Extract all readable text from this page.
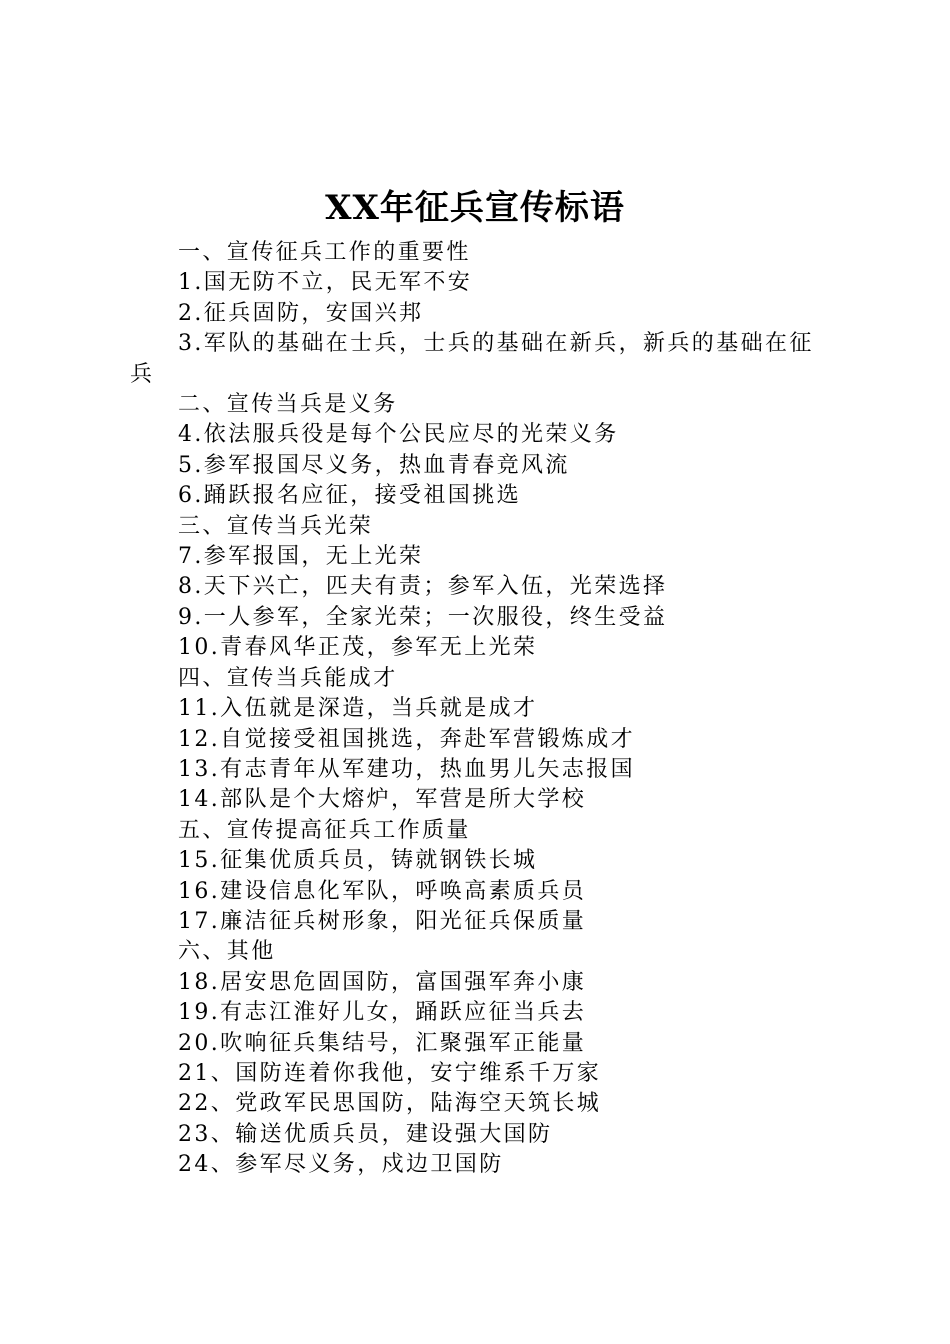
XX年征兵宣传标语

一、宣传征兵工作的重要性

1.国无防不立，民无军不安

2.征兵固防，安国兴邦

3.军队的基础在士兵，士兵的基础在新兵，新兵的基础在征兵

二、宣传当兵是义务

4.依法服兵役是每个公民应尽的光荣义务

5.参军报国尽义务，热血青春竞风流

6.踊跃报名应征，接受祖国挑选

三、宣传当兵光荣

7.参军报国，无上光荣

8.天下兴亡，匹夫有责；参军入伍，光荣选择

9.一人参军，全家光荣；一次服役，终生受益

10.青春风华正茂，参军无上光荣

四、宣传当兵能成才

11.入伍就是深造，当兵就是成才

12.自觉接受祖国挑选，奔赴军营锻炼成才

13.有志青年从军建功，热血男儿矢志报国

14.部队是个大熔炉，军营是所大学校

五、宣传提高征兵工作质量

15.征集优质兵员，铸就钢铁长城

16.建设信息化军队，呼唤高素质兵员

17.廉洁征兵树形象，阳光征兵保质量

六、其他

18.居安思危固国防，富国强军奔小康

19.有志江淮好儿女，踊跃应征当兵去

20.吹响征兵集结号，汇聚强军正能量

21、国防连着你我他，安宁维系千万家

22、党政军民思国防，陆海空天筑长城

23、输送优质兵员，建设强大国防

24、参军尽义务，戍边卫国防
